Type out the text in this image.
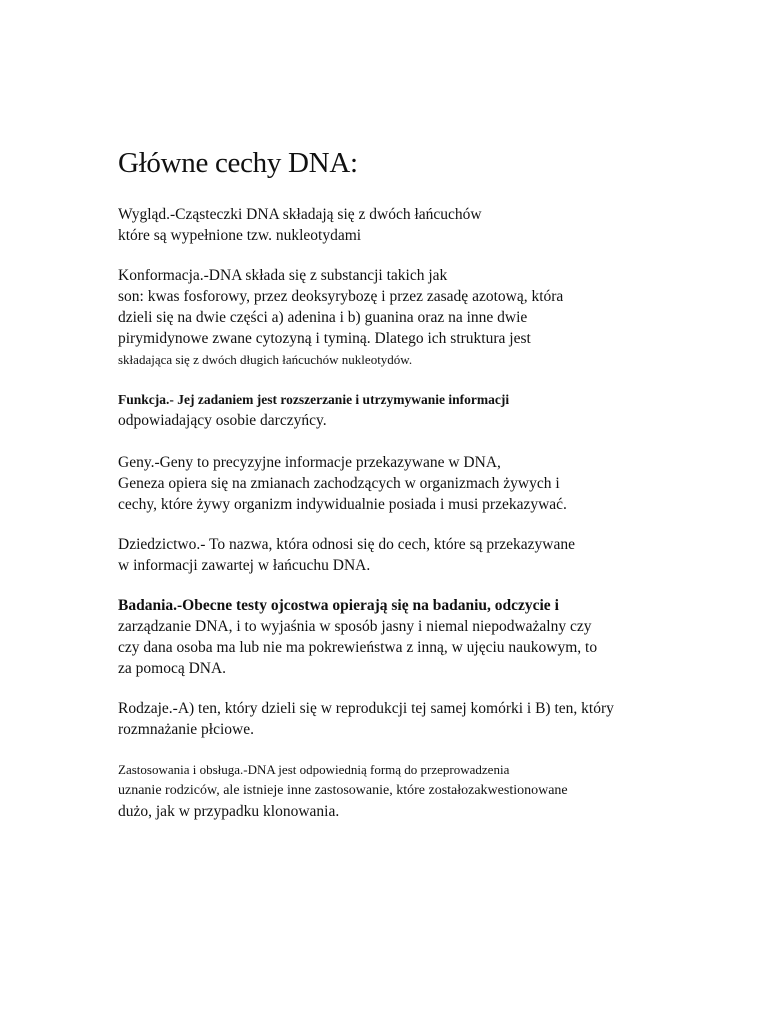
Główne cechy DNA:

Wygląd.-Cząsteczki DNA składają się z dwóch łańcuchów
które są wypełnione tzw. nukleotydami

Konformacja.-DNA składa się z substancji takich jak
son: kwas fosforowy, przez deoksyrybozę i przez zasadę azotową, która
dzieli się na dwie części a) adenina i b) guanina oraz na inne dwie
pirymidynowe zwane cytozyną i tyminą. Dlatego ich struktura jest
składająca się z dwóch długich łańcuchów nukleotydów.

Funkcja.- Jej zadaniem jest rozszerzanie i utrzymywanie informacji
odpowiadający osobie darczyńcy.

Geny.-Geny to precyzyjne informacje przekazywane w DNA,
Geneza opiera się na zmianach zachodzących w organizmach żywych i
cechy, które żywy organizm indywidualnie posiada i musi przekazywać.

Dziedzictwo.- To nazwa, która odnosi się do cech, które są przekazywane
w informacji zawartej w łańcuchu DNA.

Badania.-Obecne testy ojcostwa opierają się na badaniu, odczycie i
zarządzanie DNA, i to wyjaśnia w sposób jasny i niemal niepodważalny czy
czy dana osoba ma lub nie ma pokrewieństwa z inną, w ujęciu naukowym, to
za pomocą DNA.

Rodzaje.-A) ten, który dzieli się w reprodukcji tej samej komórki i B) ten, który
rozmnażanie płciowe.

Zastosowania i obsługa.-DNA jest odpowiednią formą do przeprowadzenia
uznanie rodziców, ale istnieje inne zastosowanie, które zostałozakwestionowane
dużo, jak w przypadku klonowania.
